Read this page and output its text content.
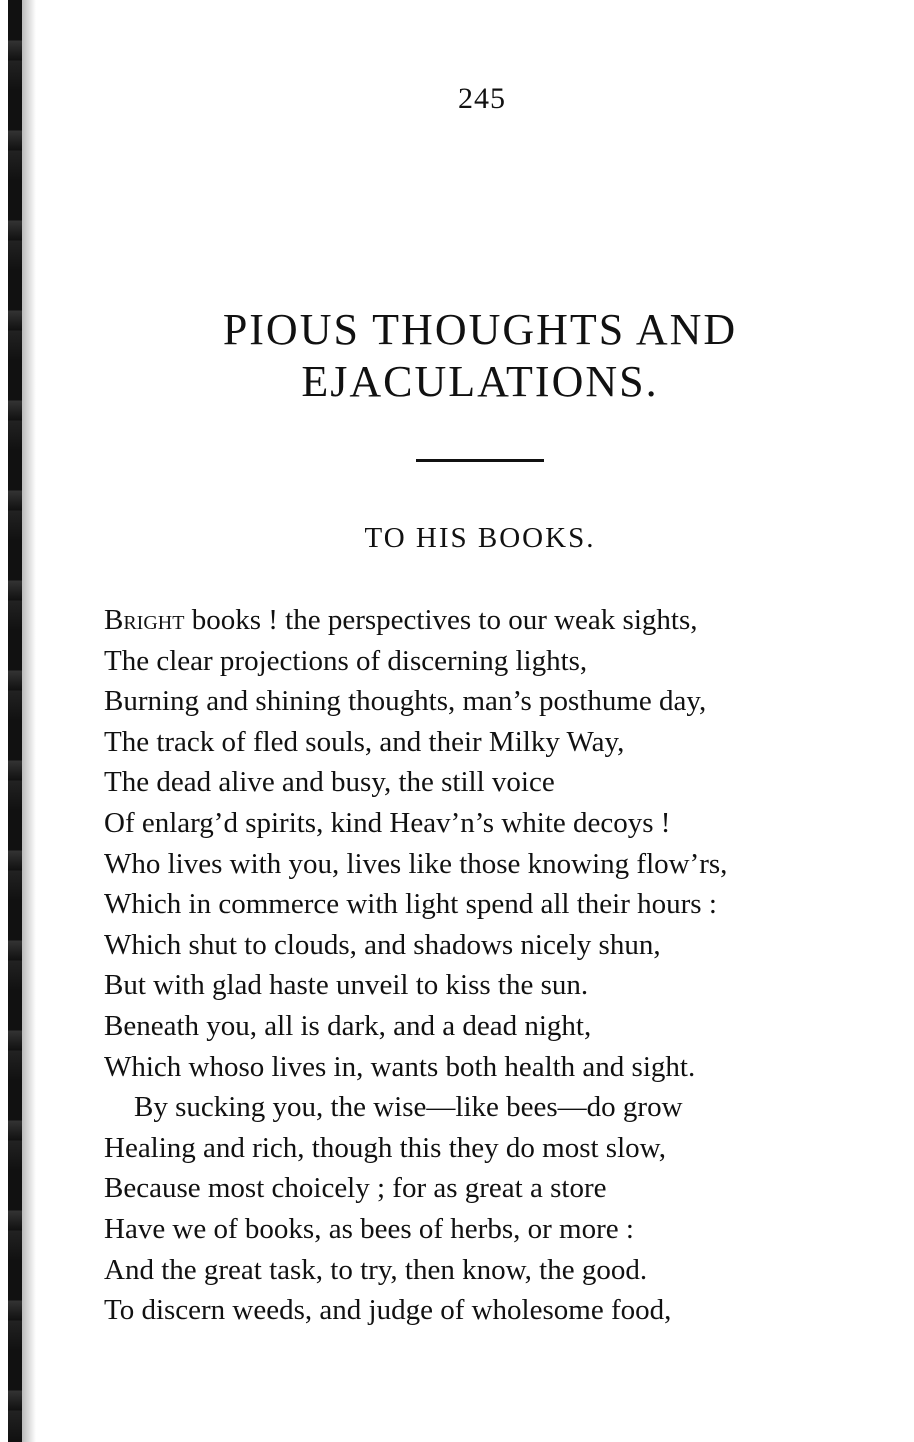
245
PIOUS THOUGHTS AND
EJACULATIONS.
TO HIS BOOKS.
Bright books ! the perspectives to our weak sights,
The clear projections of discerning lights,
Burning and shining thoughts, man’s posthume day,
The track of fled souls, and their Milky Way,
The dead alive and busy, the still voice
Of enlarg’d spirits, kind Heav’n’s white decoys !
Who lives with you, lives like those knowing flow’rs,
Which in commerce with light spend all their hours :
Which shut to clouds, and shadows nicely shun,
But with glad haste unveil to kiss the sun.
Beneath you, all is dark, and a dead night,
Which whoso lives in, wants both health and sight.
By sucking you, the wise—like bees—do grow
Healing and rich, though this they do most slow,
Because most choicely ; for as great a store
Have we of books, as bees of herbs, or more :
And the great task, to try, then know, the good.
To discern weeds, and judge of wholesome food,
